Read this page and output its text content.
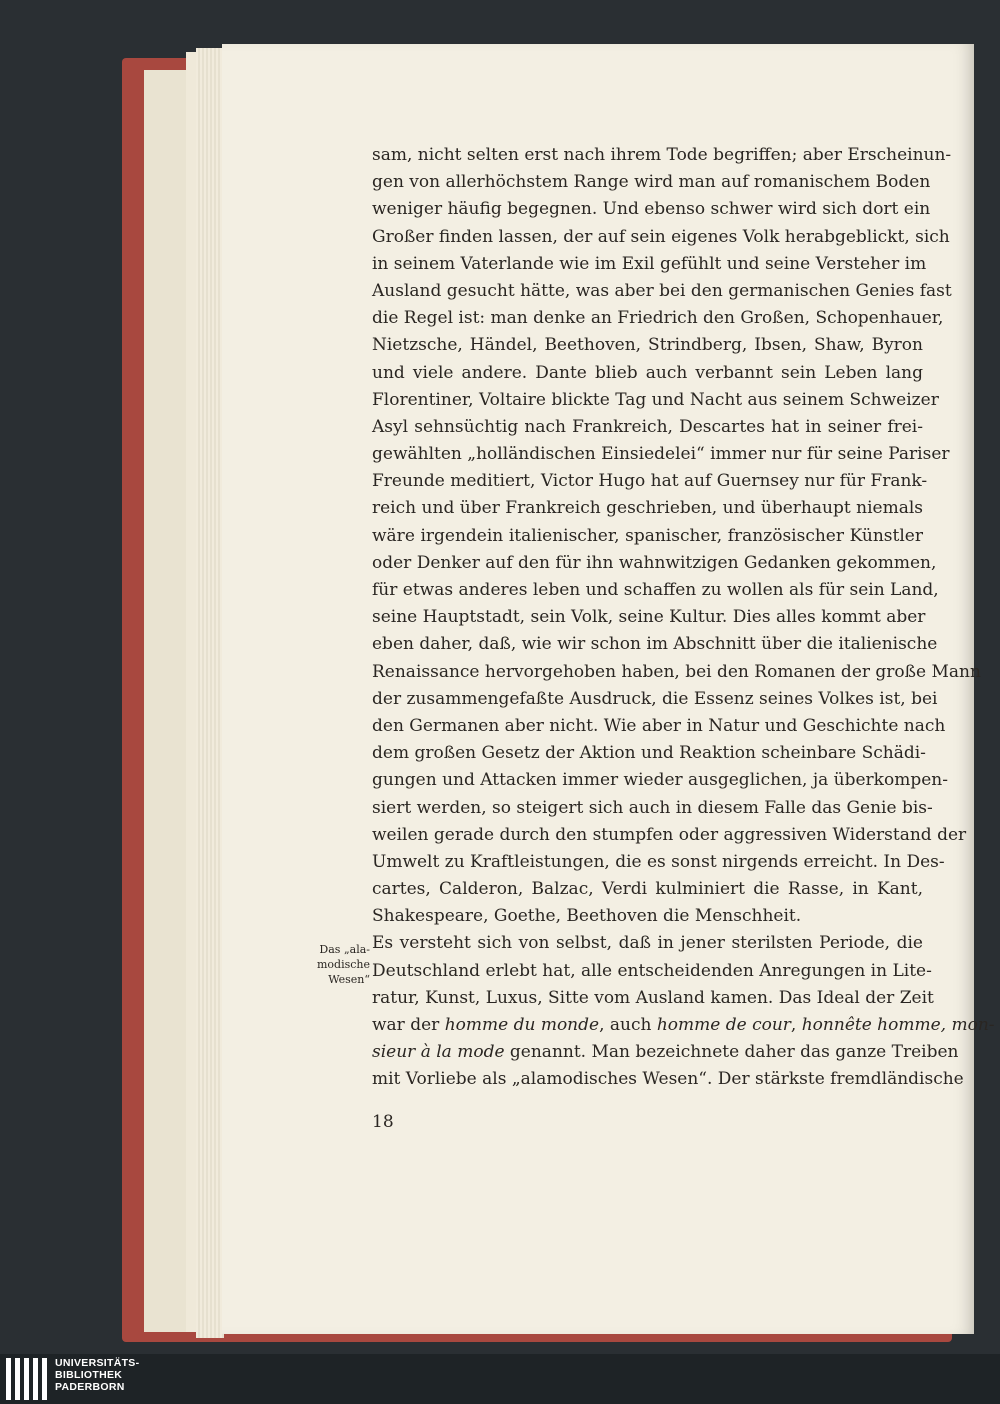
sam, nicht selten erst nach ihrem Tode begriffen; aber Erscheinun-
gen von allerhöchstem Range wird man auf romanischem Boden
weniger häufig begegnen. Und ebenso schwer wird sich dort ein
Großer finden lassen, der auf sein eigenes Volk herabgeblickt, sich
in seinem Vaterlande wie im Exil gefühlt und seine Versteher im
Ausland gesucht hätte, was aber bei den germanischen Genies fast
die Regel ist: man denke an Friedrich den Großen, Schopenhauer,
Nietzsche, Händel, Beethoven, Strindberg, Ibsen, Shaw, Byron
und viele andere. Dante blieb auch verbannt sein Leben lang
Florentiner, Voltaire blickte Tag und Nacht aus seinem Schweizer
Asyl sehnsüchtig nach Frankreich, Descartes hat in seiner frei-
gewählten „holländischen Einsiedelei“ immer nur für seine Pariser
Freunde meditiert, Victor Hugo hat auf Guernsey nur für Frank-
reich und über Frankreich geschrieben, und überhaupt niemals
wäre irgendein italienischer, spanischer, französischer Künstler
oder Denker auf den für ihn wahnwitzigen Gedanken gekommen,
für etwas anderes leben und schaffen zu wollen als für sein Land,
seine Hauptstadt, sein Volk, seine Kultur. Dies alles kommt aber
eben daher, daß, wie wir schon im Abschnitt über die italienische
Renaissance hervorgehoben haben, bei den Romanen der große Mann
der zusammengefaßte Ausdruck, die Essenz seines Volkes ist, bei
den Germanen aber nicht. Wie aber in Natur und Geschichte nach
dem großen Gesetz der Aktion und Reaktion scheinbare Schädi-
gungen und Attacken immer wieder ausgeglichen, ja überkompen-
siert werden, so steigert sich auch in diesem Falle das Genie bis-
weilen gerade durch den stumpfen oder aggressiven Widerstand der
Umwelt zu Kraftleistungen, die es sonst nirgends erreicht. In Des-
cartes, Calderon, Balzac, Verdi kulminiert die Rasse, in Kant,
Shakespeare, Goethe, Beethoven die Menschheit.
Es versteht sich von selbst, daß in jener sterilsten Periode, die
Deutschland erlebt hat, alle entscheidenden Anregungen in Lite-
ratur, Kunst, Luxus, Sitte vom Ausland kamen. Das Ideal der Zeit
war der homme du monde, auch homme de cour, honnête homme, mon-
sieur à la mode genannt. Man bezeichnete daher das ganze Treiben
mit Vorliebe als „alamodisches Wesen“. Der stärkste fremdländische
Das „ala-
modische
Wesen“
18
UNIVERSITÄTS-
BIBLIOTHEK
PADERBORN
